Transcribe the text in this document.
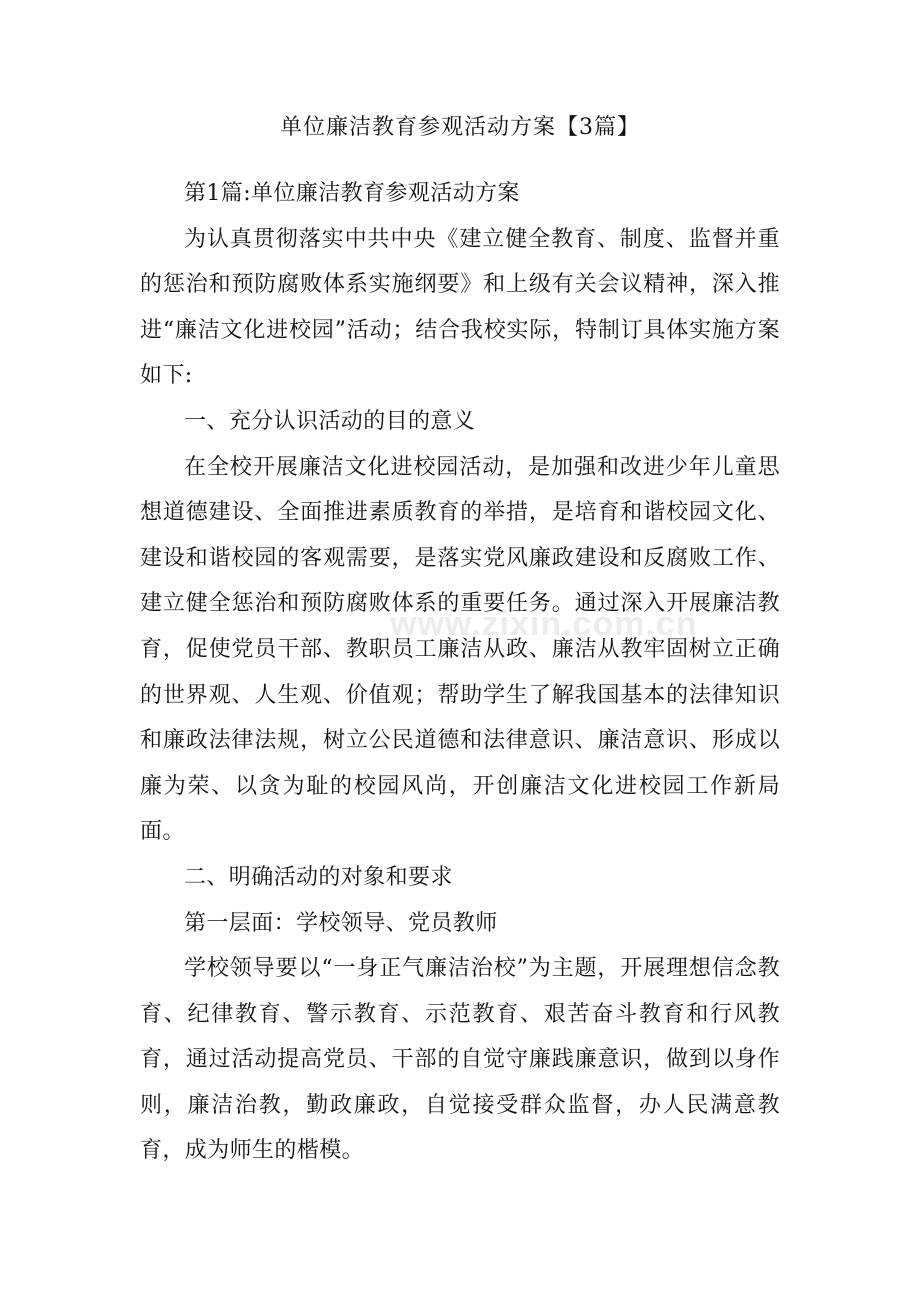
单位廉洁教育参观活动方案【3篇】
www.zixin.com.cn

第1篇:单位廉洁教育参观活动方案

为认真贯彻落实中共中央《建立健全教育、制度、监督并重的惩治和预防腐败体系实施纲要》和上级有关会议精神，深入推进“廉洁文化进校园”活动；结合我校实际，特制订具体实施方案如下:

一、充分认识活动的目的意义

在全校开展廉洁文化进校园活动，是加强和改进少年儿童思想道德建设、全面推进素质教育的举措，是培育和谐校园文化、建设和谐校园的客观需要，是落实党风廉政建设和反腐败工作、建立健全惩治和预防腐败体系的重要任务。通过深入开展廉洁教育，促使党员干部、教职员工廉洁从政、廉洁从教牢固树立正确的世界观、人生观、价值观；帮助学生了解我国基本的法律知识和廉政法律法规，树立公民道德和法律意识、廉洁意识、形成以廉为荣、以贪为耻的校园风尚，开创廉洁文化进校园工作新局面。

二、明确活动的对象和要求

第一层面：学校领导、党员教师

学校领导要以“一身正气廉洁治校”为主题，开展理想信念教育、纪律教育、警示教育、示范教育、艰苦奋斗教育和行风教育，通过活动提高党员、干部的自觉守廉践廉意识，做到以身作则，廉洁治教，勤政廉政，自觉接受群众监督，办人民满意教育，成为师生的楷模。
